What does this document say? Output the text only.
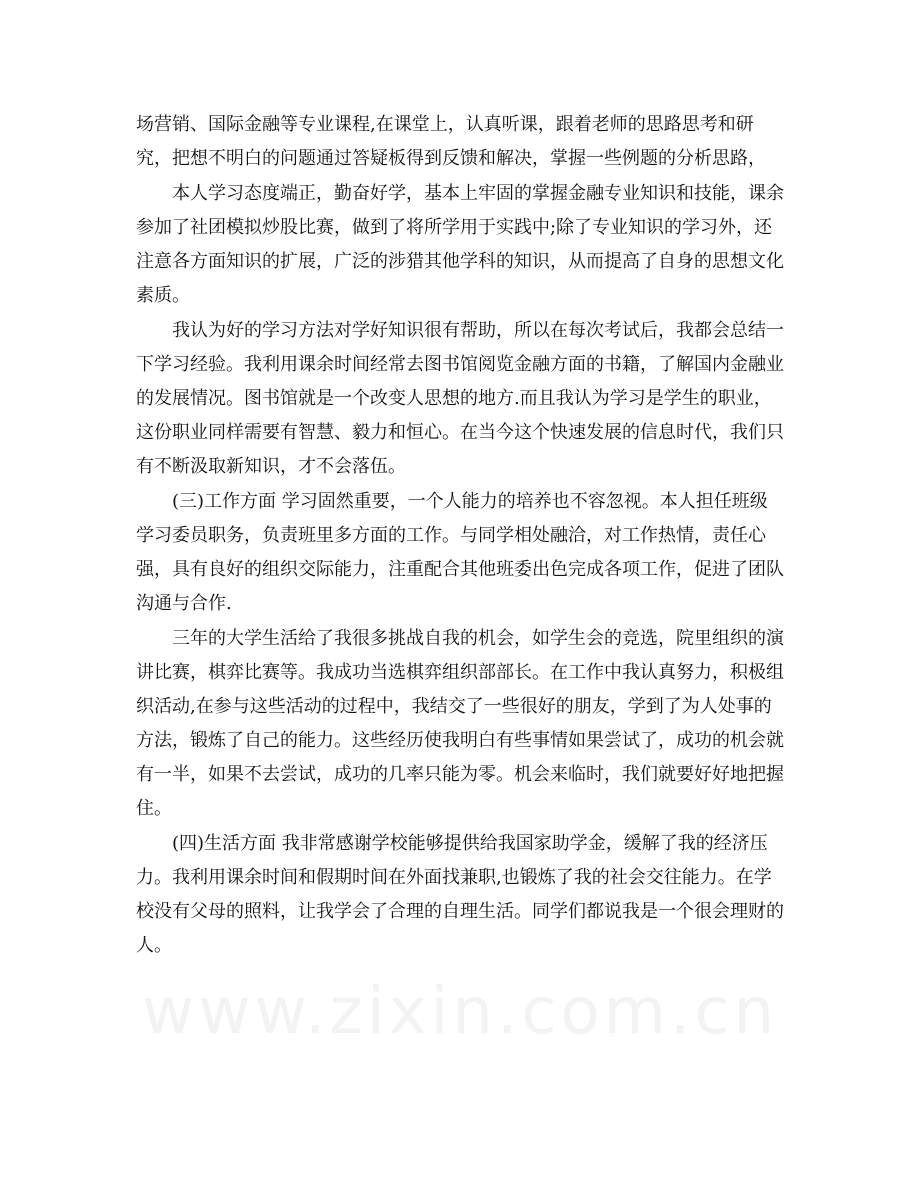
www.zixin.com.cn
场营销、国际金融等专业课程,在课堂上，认真听课，跟着老师的思路思考和研
究，把想不明白的问题通过答疑板得到反馈和解决，掌握一些例题的分析思路，
　　本人学习态度端正，勤奋好学，基本上牢固的掌握金融专业知识和技能，课余
参加了社团模拟炒股比赛，做到了将所学用于实践中;除了专业知识的学习外，还
注意各方面知识的扩展，广泛的涉猎其他学科的知识，从而提高了自身的思想文化
素质。
　　我认为好的学习方法对学好知识很有帮助，所以在每次考试后，我都会总结一
下学习经验。我利用课余时间经常去图书馆阅览金融方面的书籍，了解国内金融业
的发展情况。图书馆就是一个改变人思想的地方.而且我认为学习是学生的职业，
这份职业同样需要有智慧、毅力和恒心。在当今这个快速发展的信息时代，我们只
有不断汲取新知识，才不会落伍。
　　(三)工作方面 学习固然重要，一个人能力的培养也不容忽视。本人担任班级
学习委员职务，负责班里多方面的工作。与同学相处融洽，对工作热情，责任心
强，具有良好的组织交际能力，注重配合其他班委出色完成各项工作，促进了团队
沟通与合作.
　　三年的大学生活给了我很多挑战自我的机会，如学生会的竞选，院里组织的演
讲比赛，棋弈比赛等。我成功当选棋弈组织部部长。在工作中我认真努力，积极组
织活动,在参与这些活动的过程中，我结交了一些很好的朋友，学到了为人处事的
方法，锻炼了自己的能力。这些经历使我明白有些事情如果尝试了，成功的机会就
有一半，如果不去尝试，成功的几率只能为零。机会来临时，我们就要好好地把握
住。
　　(四)生活方面 我非常感谢学校能够提供给我国家助学金，缓解了我的经济压
力。我利用课余时间和假期时间在外面找兼职,也锻炼了我的社会交往能力。在学
校没有父母的照料，让我学会了合理的自理生活。同学们都说我是一个很会理财的
人。
